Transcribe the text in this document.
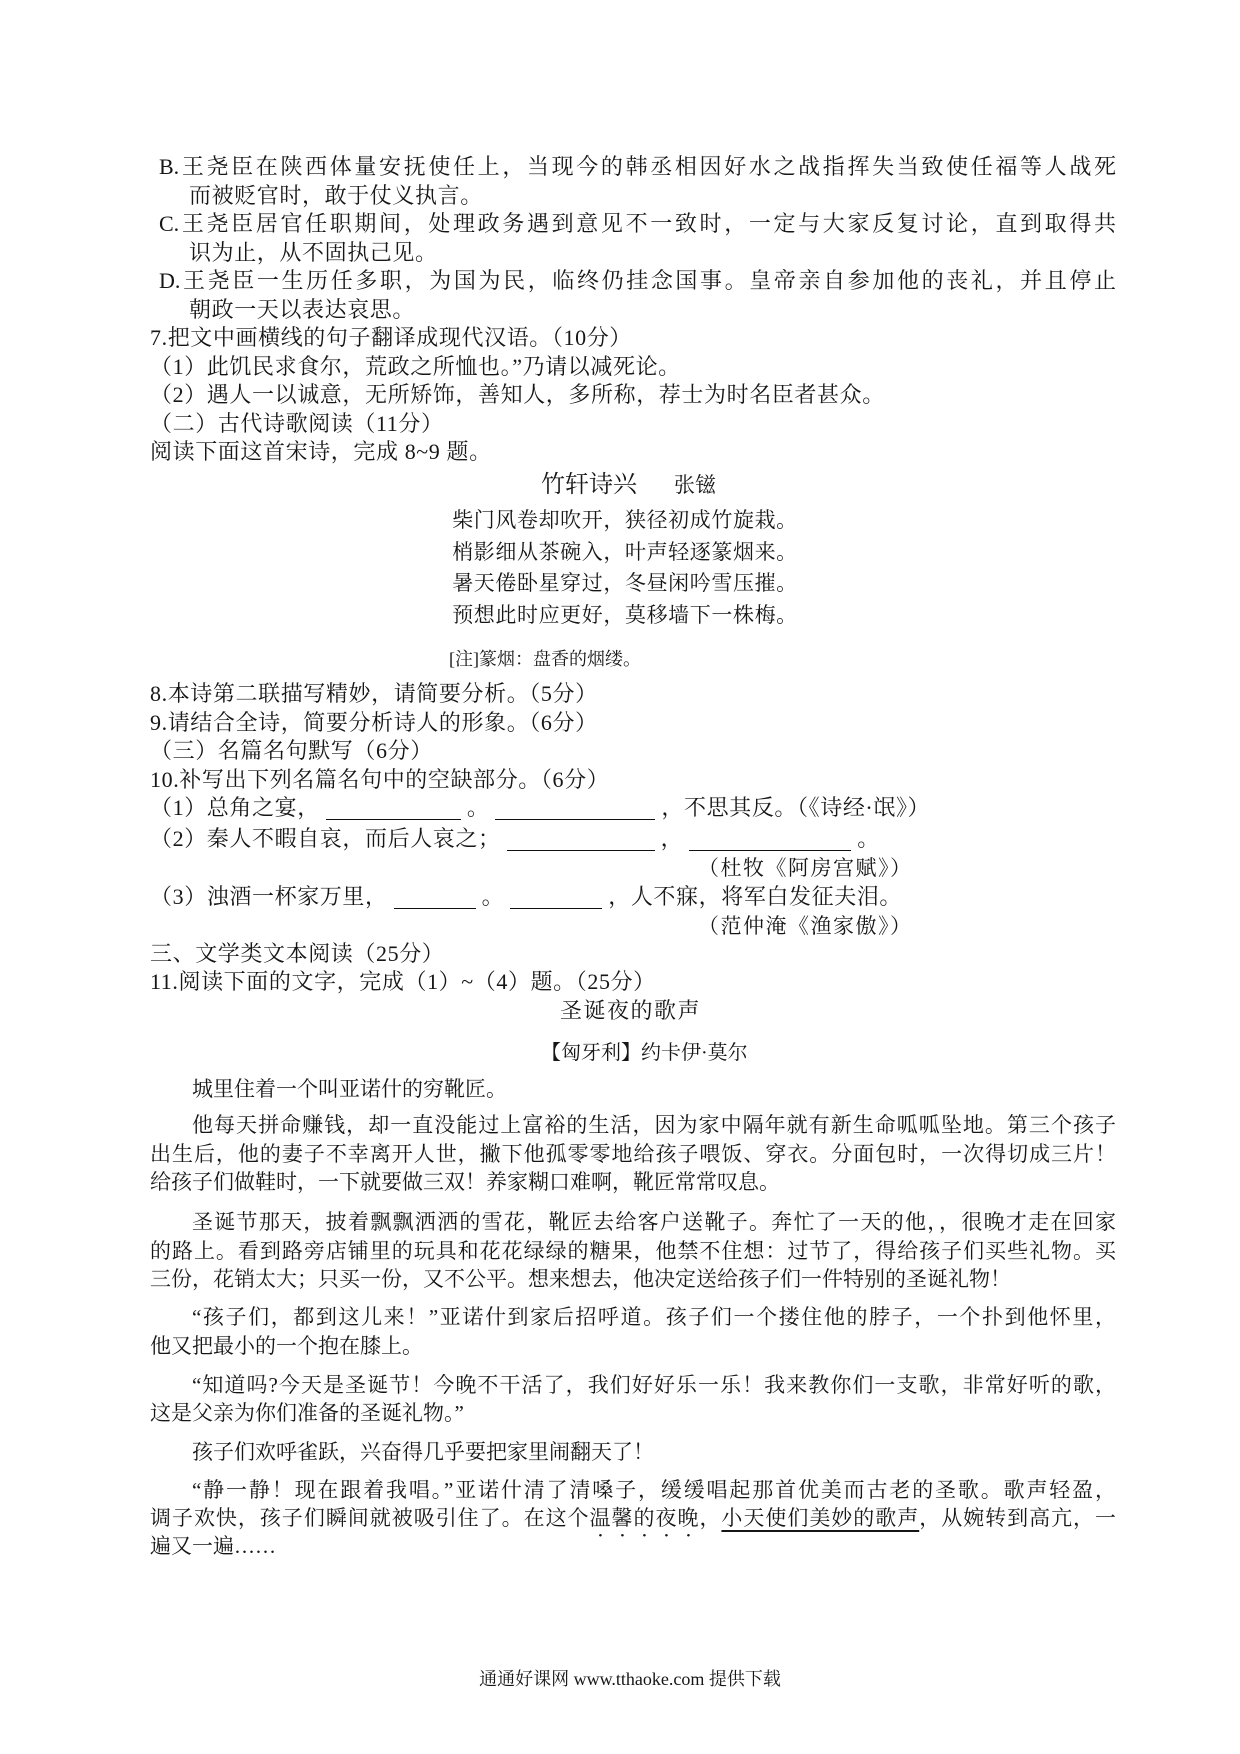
B.王尧臣在陕西体量安抚使任上，当现今的韩丞相因好水之战指挥失当致使任福等人战死
而被贬官时，敢于仗义执言。
C.王尧臣居官任职期间，处理政务遇到意见不一致时，一定与大家反复讨论，直到取得共
识为止，从不固执己见。
D.王尧臣一生历任多职，为国为民，临终仍挂念国事。皇帝亲自参加他的丧礼，并且停止
朝政一天以表达哀思。
7.把文中画横线的句子翻译成现代汉语。（10分）
（1）此饥民求食尔，荒政之所恤也。”乃请以减死论。
（2）遇人一以诚意，无所矫饰，善知人，多所称，荐士为时名臣者甚众。
（二）古代诗歌阅读（11分）
阅读下面这首宋诗，完成 8~9 题。
竹轩诗兴 张镃
柴门风卷却吹开，狭径初成竹旋栽。
梢影细从茶碗入，叶声轻逐篆烟来。
暑天倦卧星穿过，冬昼闲吟雪压摧。
预想此时应更好，莫移墙下一株梅。
[注]篆烟：盘香的烟缕。
8.本诗第二联描写精妙，请简要分析。（5分）
9.请结合全诗，简要分析诗人的形象。（6分）
（三）名篇名句默写（6分）
10.补写出下列名篇名句中的空缺部分。（6分）
（1）总角之宴，	。	，不思其反。（《诗经·氓》）
（2）秦人不暇自哀，而后人哀之；	，	。
（杜牧《阿房宫赋》）
（3）浊酒一杯家万里，	。	，人不寐，将军白发征夫泪。
（范仲淹《渔家傲》）
三、文学类文本阅读（25分）
11.阅读下面的文字，完成（1）~（4）题。（25分）
圣诞夜的歌声
【匈牙利】约卡伊·莫尔
城里住着一个叫亚诺什的穷靴匠。
他每天拼命赚钱，却一直没能过上富裕的生活，因为家中隔年就有新生命呱呱坠地。第三个孩子
出生后，他的妻子不幸离开人世，撇下他孤零零地给孩子喂饭、穿衣。分面包时，一次得切成三片！
给孩子们做鞋时，一下就要做三双！养家糊口难啊，靴匠常常叹息。
圣诞节那天，披着飘飘洒洒的雪花，靴匠去给客户送靴子。奔忙了一天的他，，很晚才走在回家
的路上。看到路旁店铺里的玩具和花花绿绿的糖果，他禁不住想：过节了，得给孩子们买些礼物。买
三份，花销太大；只买一份，又不公平。想来想去，他决定送给孩子们一件特别的圣诞礼物！
“孩子们，都到这儿来！”亚诺什到家后招呼道。孩子们一个搂住他的脖子，一个扑到他怀里，
他又把最小的一个抱在膝上。
“知道吗?今天是圣诞节！今晚不干活了，我们好好乐一乐！我来教你们一支歌，非常好听的歌，
这是父亲为你们准备的圣诞礼物。”
孩子们欢呼雀跃，兴奋得几乎要把家里闹翻天了！
“静一静！现在跟着我唱。”亚诺什清了清嗓子，缓缓唱起那首优美而古老的圣歌。歌声轻盈，
调子欢快，孩子们瞬间就被吸引住了。在这个温馨的夜晚，小天使们美妙的歌声，从婉转到高亢，一
遍又一遍……
通通好课网 www.tthaoke.com 提供下载
